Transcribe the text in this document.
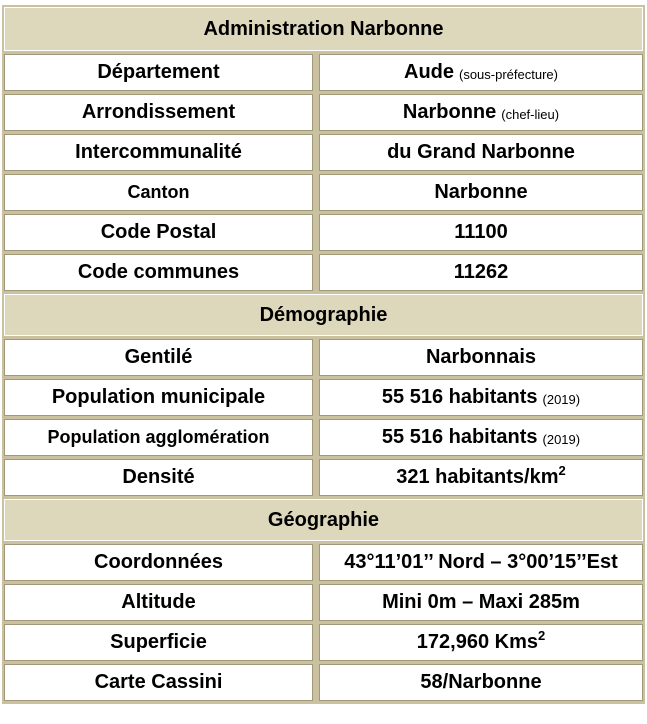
Administration Narbonne
Département	Aude (sous-préfecture)
Arrondissement	Narbonne (chef-lieu)
Intercommunalité	du Grand Narbonne
Canton	Narbonne
Code Postal	11100
Code communes	11262
Démographie
Gentilé	Narbonnais
Population municipale	55 516 habitants (2019)
Population agglomération	55 516 habitants (2019)
Densité	321 habitants/km 2
Géographie
Coordonnées	43°11’01’’ Nord – 3°00’15’’Est
Altitude	Mini 0m – Maxi 285m
Superficie	172,960 Kms 2
Carte Cassini	58/Narbonne
